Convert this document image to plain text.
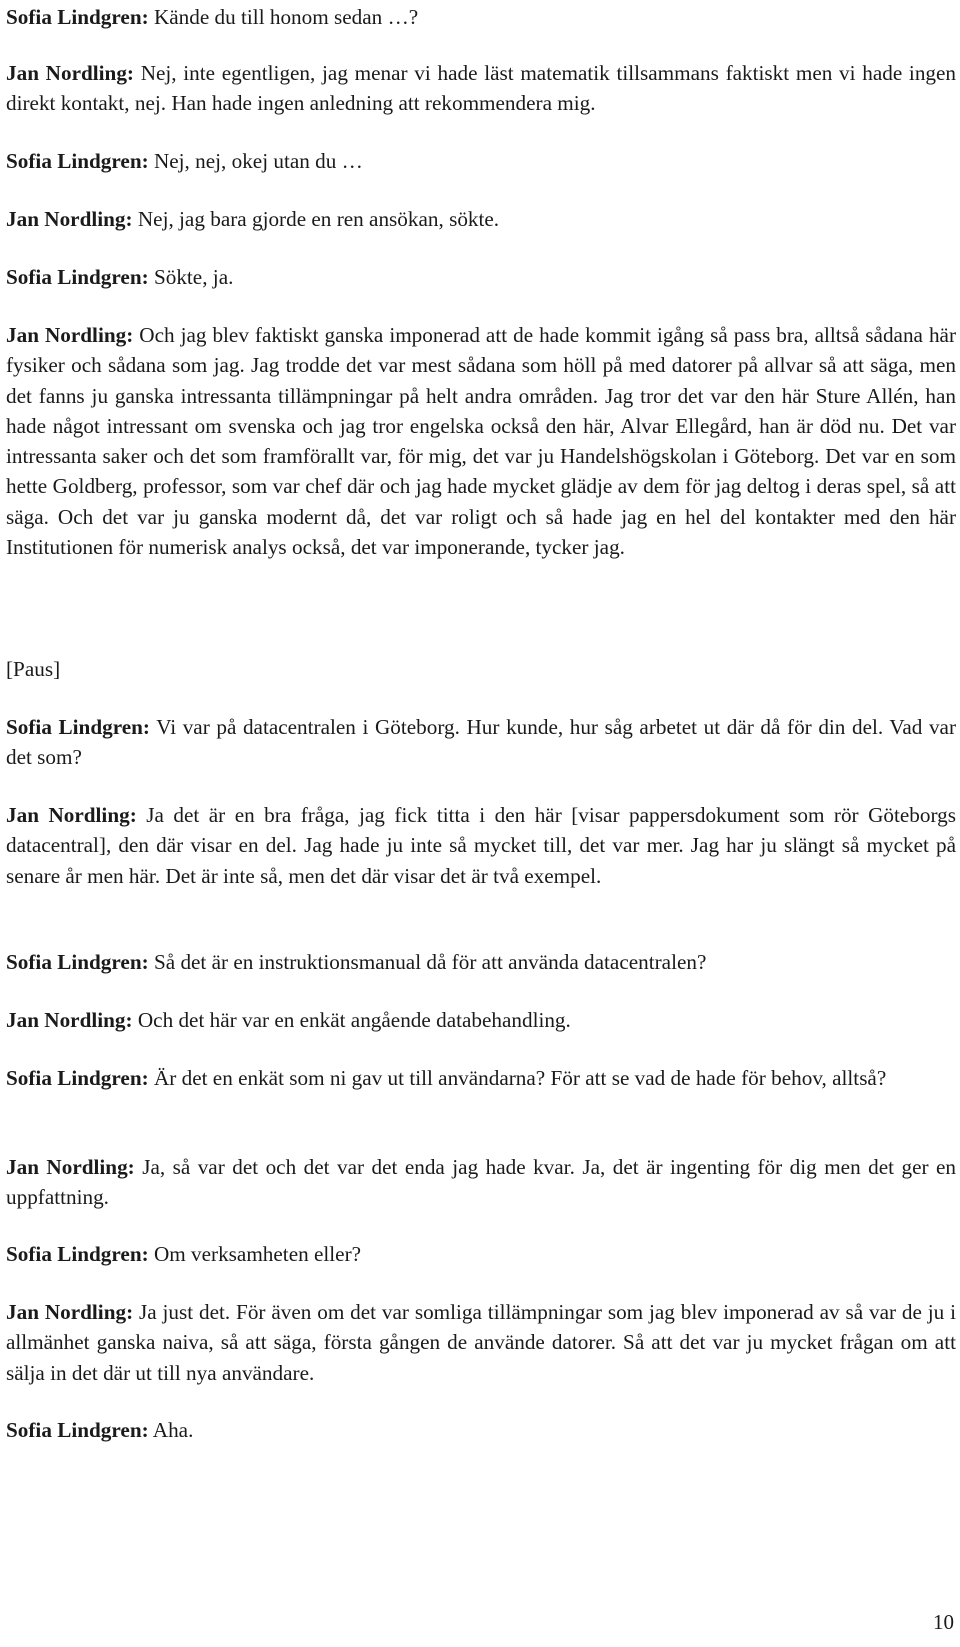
Sofia Lindgren: Kände du till honom sedan …?

Jan Nordling: Nej, inte egentligen, jag menar vi hade läst matematik tillsammans faktiskt men vi hade ingen direkt kontakt, nej. Han hade ingen anledning att rekommendera mig.

Sofia Lindgren: Nej, nej, okej utan du …

Jan Nordling: Nej, jag bara gjorde en ren ansökan, sökte.

Sofia Lindgren: Sökte, ja.

Jan Nordling: Och jag blev faktiskt ganska imponerad att de hade kommit igång så pass bra, alltså sådana här fysiker och sådana som jag. Jag trodde det var mest sådana som höll på med datorer på allvar så att säga, men det fanns ju ganska intressanta tillämpningar på helt andra områden. Jag tror det var den här Sture Allén, han hade något intressant om svenska och jag tror engelska också den här, Alvar Ellegård, han är död nu. Det var intressanta saker och det som framförallt var, för mig, det var ju Handelshögskolan i Göteborg. Det var en som hette Goldberg, professor, som var chef där och jag hade mycket glädje av dem för jag deltog i deras spel, så att säga. Och det var ju ganska modernt då, det var roligt och så hade jag en hel del kontakter med den här Institutionen för numerisk analys också, det var imponerande, tycker jag.

[Paus]

Sofia Lindgren: Vi var på datacentralen i Göteborg. Hur kunde, hur såg arbetet ut där då för din del. Vad var det som?

Jan Nordling: Ja det är en bra fråga, jag fick titta i den här [visar pappersdokument som rör Göteborgs datacentral], den där visar en del. Jag hade ju inte så mycket till, det var mer. Jag har ju slängt så mycket på senare år men här. Det är inte så, men det där visar det är två exempel.

Sofia Lindgren: Så det är en instruktionsmanual då för att använda datacentralen?

Jan Nordling: Och det här var en enkät angående databehandling.

Sofia Lindgren: Är det en enkät som ni gav ut till användarna? För att se vad de hade för behov, alltså?

Jan Nordling: Ja, så var det och det var det enda jag hade kvar. Ja, det är ingenting för dig men det ger en uppfattning.

Sofia Lindgren: Om verksamheten eller?

Jan Nordling: Ja just det. För även om det var somliga tillämpningar som jag blev imponerad av så var de ju i allmänhet ganska naiva, så att säga, första gången de använde datorer. Så att det var ju mycket frågan om att sälja in det där ut till nya användare.

Sofia Lindgren: Aha.

10
